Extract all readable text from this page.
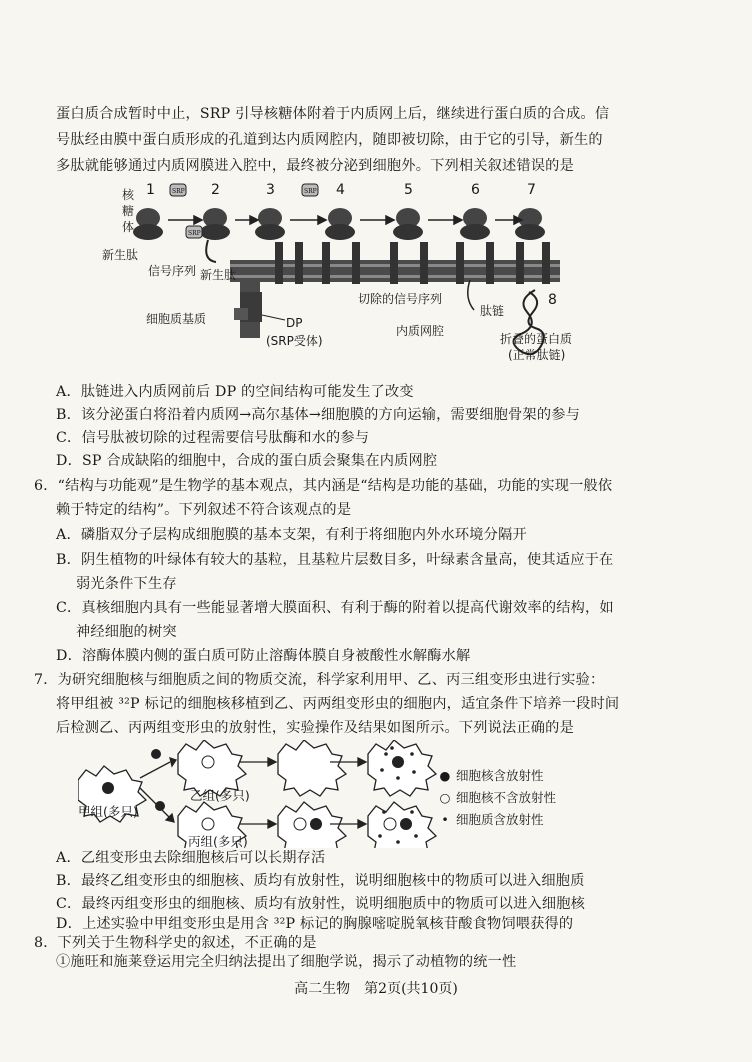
蛋白质合成暂时中止，SRP 引导核糖体附着于内质网上后，继续进行蛋白质的合成。信
号肽经由膜中蛋白质形成的孔道到达内质网腔内，随即被切除，由于它的引导，新生的
多肽就能够通过内质网膜进入腔中，最终被分泌到细胞外。下列相关叙述错误的是
SRP
SRP
SRP
1	2	3	4	5	6	7
8
核
糖
体
新生肽
信号序列 新生肽
切除的信号序列
肽链
细胞质基质
内质网腔
DP
(SRP受体)	折叠的蛋白质
(正常肽链)
A．肽链进入内质网前后 DP 的空间结构可能发生了改变
B．该分泌蛋白将沿着内质网→高尔基体→细胞膜的方向运输，需要细胞骨架的参与
C．信号肽被切除的过程需要信号肽酶和水的参与
D．SP 合成缺陷的细胞中，合成的蛋白质会聚集在内质网腔
6．“结构与功能观”是生物学的基本观点，其内涵是“结构是功能的基础，功能的实现一般依
赖于特定的结构”。下列叙述不符合该观点的是
A．磷脂双分子层构成细胞膜的基本支架，有利于将细胞内外水环境分隔开
B．阴生植物的叶绿体有较大的基粒，且基粒片层数目多，叶绿素含量高，使其适应于在
弱光条件下生存
C．真核细胞内具有一些能显著增大膜面积、有利于酶的附着以提高代谢效率的结构，如
神经细胞的树突
D．溶酶体膜内侧的蛋白质可防止溶酶体膜自身被酸性水解酶水解
7．为研究细胞核与细胞质之间的物质交流，科学家利用甲、乙、丙三组变形虫进行实验：
将甲组被 ³²P 标记的细胞核移植到乙、丙两组变形虫的细胞内，适宜条件下培养一段时间
后检测乙、丙两组变形虫的放射性，实验操作及结果如图所示。下列说法正确的是
乙组(多只)
甲组(多只)
丙组(多只)
● 细胞核含放射性
○ 细胞核不含放射性
• 细胞质含放射性
A．乙组变形虫去除细胞核后可以长期存活
B．最终乙组变形虫的细胞核、质均有放射性，说明细胞核中的物质可以进入细胞质
C．最终丙组变形虫的细胞核、质均有放射性，说明细胞质中的物质可以进入细胞核
D．上述实验中甲组变形虫是用含 ³²P 标记的胸腺嘧啶脱氧核苷酸食物饲喂获得的
8．下列关于生物科学史的叙述，不正确的是
①施旺和施莱登运用完全归纳法提出了细胞学说，揭示了动植物的统一性
高二生物　第2页(共10页)
